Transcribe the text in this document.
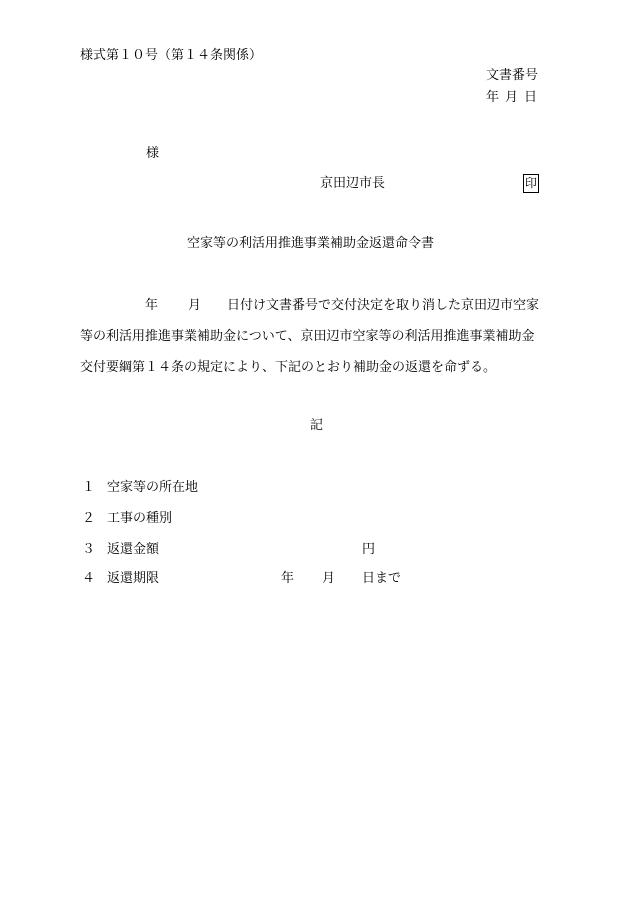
様式第１０号（第１４条関係）
文書番号
年 月 日
様
京田辺市長	印
空家等の利活用推進事業補助金返還命令書
年 月 日付け文書番号で交付決定を取り消した京田辺市空家
等の利活用推進事業補助金について、京田辺市空家等の利活用推進事業補助金
交付要綱第１４条の規定により、下記のとおり補助金の返還を命ずる。
記
１ 空家等の所在地
２ 工事の種別
３ 返還金額	円
４ 返還期限	年 月 日まで
